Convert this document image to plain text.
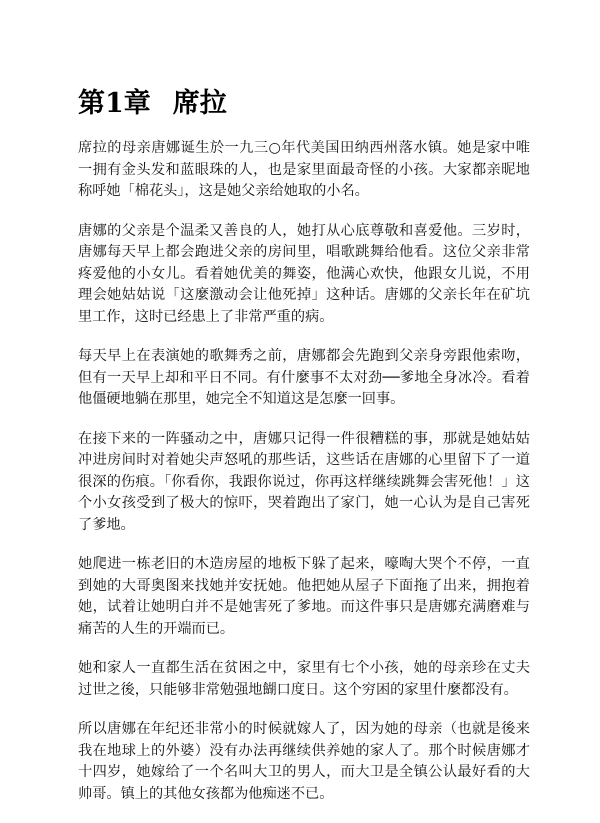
第1章 席拉

席拉的母亲唐娜诞生於一九三○年代美国田纳西州落水镇。她是家中唯一拥有金头发和蓝眼珠的人，也是家里面最奇怪的小孩。大家都亲昵地称呼她「棉花头」，这是她父亲给她取的小名。

唐娜的父亲是个温柔又善良的人，她打从心底尊敬和喜爱他。三岁时，唐娜每天早上都会跑进父亲的房间里，唱歌跳舞给他看。这位父亲非常疼爱他的小女儿。看着她优美的舞姿，他满心欢快，他跟女儿说，不用理会她姑姑说「这麼激动会让他死掉」这种话。唐娜的父亲长年在矿坑里工作，这时已经患上了非常严重的病。

每天早上在表演她的歌舞秀之前，唐娜都会先跑到父亲身旁跟他索吻，但有一天早上却和平日不同。有什麼事不太对劲──爹地全身冰冷。看着他僵硬地躺在那里，她完全不知道这是怎麼一回事。

在接下来的一阵骚动之中，唐娜只记得一件很糟糕的事，那就是她姑姑冲进房间时对着她尖声怒吼的那些话，这些话在唐娜的心里留下了一道很深的伤痕。「你看你，我跟你说过，你再这样继续跳舞会害死他！」这个小女孩受到了极大的惊吓，哭着跑出了家门，她一心认为是自己害死了爹地。

她爬进一栋老旧的木造房屋的地板下躲了起来，嚎啕大哭个不停，一直到她的大哥奥图来找她并安抚她。他把她从屋子下面拖了出来，拥抱着她，试着让她明白并不是她害死了爹地。而这件事只是唐娜充满磨难与痛苦的人生的开端而已。

她和家人一直都生活在贫困之中，家里有七个小孩，她的母亲珍在丈夫过世之後，只能够非常勉强地餬口度日。这个穷困的家里什麼都没有。

所以唐娜在年纪还非常小的时候就嫁人了，因为她的母亲（也就是後来我在地球上的外婆）没有办法再继续供养她的家人了。那个时候唐娜才十四岁，她嫁给了一个名叫大卫的男人，而大卫是全镇公认最好看的大帅哥。镇上的其他女孩都为他痴迷不已。
